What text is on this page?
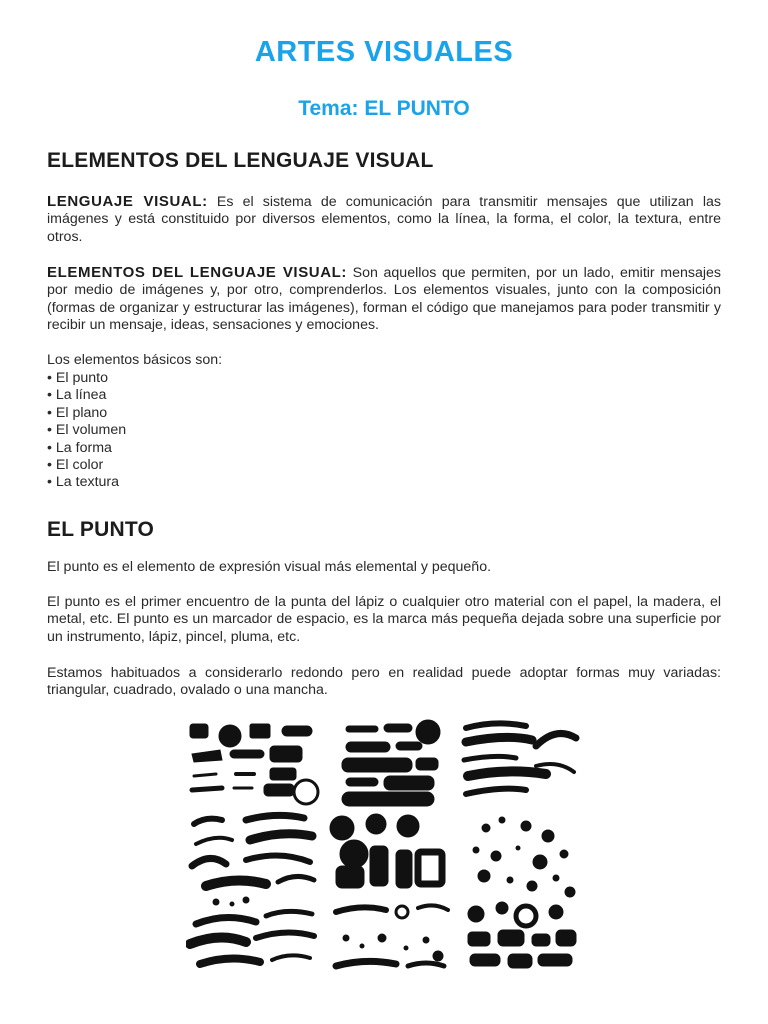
ARTES VISUALES
Tema: EL PUNTO
ELEMENTOS DEL LENGUAJE VISUAL

LENGUAJE VISUAL: Es el sistema de comunicación para transmitir mensajes que utilizan las imágenes y está constituido por diversos elementos, como la línea, la forma, el color, la textura, entre otros.

ELEMENTOS DEL LENGUAJE VISUAL: Son aquellos que permiten, por un lado, emitir mensajes por medio de imágenes y, por otro, comprenderlos. Los elementos visuales, junto con la composición (formas de organizar y estructurar las imágenes), forman el código que manejamos para poder transmitir y recibir un mensaje, ideas, sensaciones y emociones.

Los elementos básicos son:

• El punto
• La línea
• El plano
• El volumen
• La forma
• El color
• La textura
EL PUNTO

El punto es el elemento de expresión visual más elemental y pequeño.

El punto es el primer encuentro de la punta del lápiz o cualquier otro material con el papel, la madera, el metal, etc. El punto es un marcador de espacio, es la marca más pequeña dejada sobre una superficie por un instrumento, lápiz, pincel, pluma, etc.

Estamos habituados a considerarlo redondo pero en realidad puede adoptar formas muy variadas: triangular, cuadrado, ovalado o una mancha.
